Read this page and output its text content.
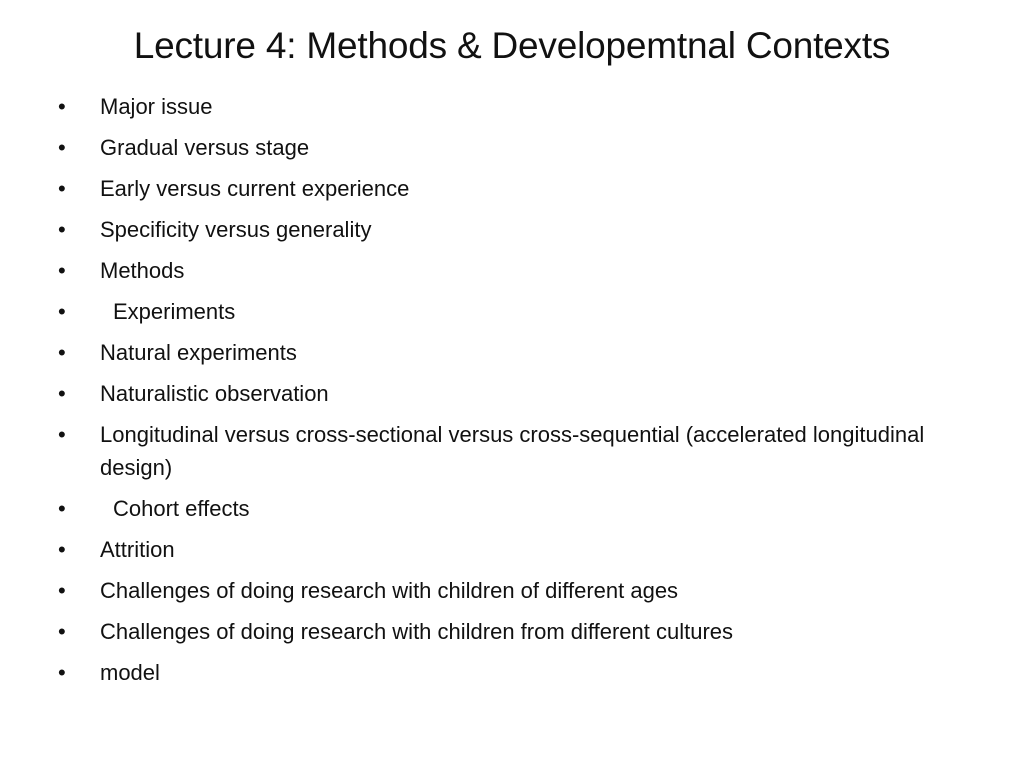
Lecture 4: Methods & Developemtnal Contexts
•	Major issue
•	Gradual versus stage
•	Early versus current experience
•	Specificity versus generality
•	Methods
•	Experiments
•	Natural experiments
•	Naturalistic observation
•	Longitudinal versus cross-sectional versus cross-sequential (accelerated longitudinal design)
•	Cohort effects
•	Attrition
•	Challenges of doing research with children of different ages
•	Challenges of doing research with children from different cultures
•	model
